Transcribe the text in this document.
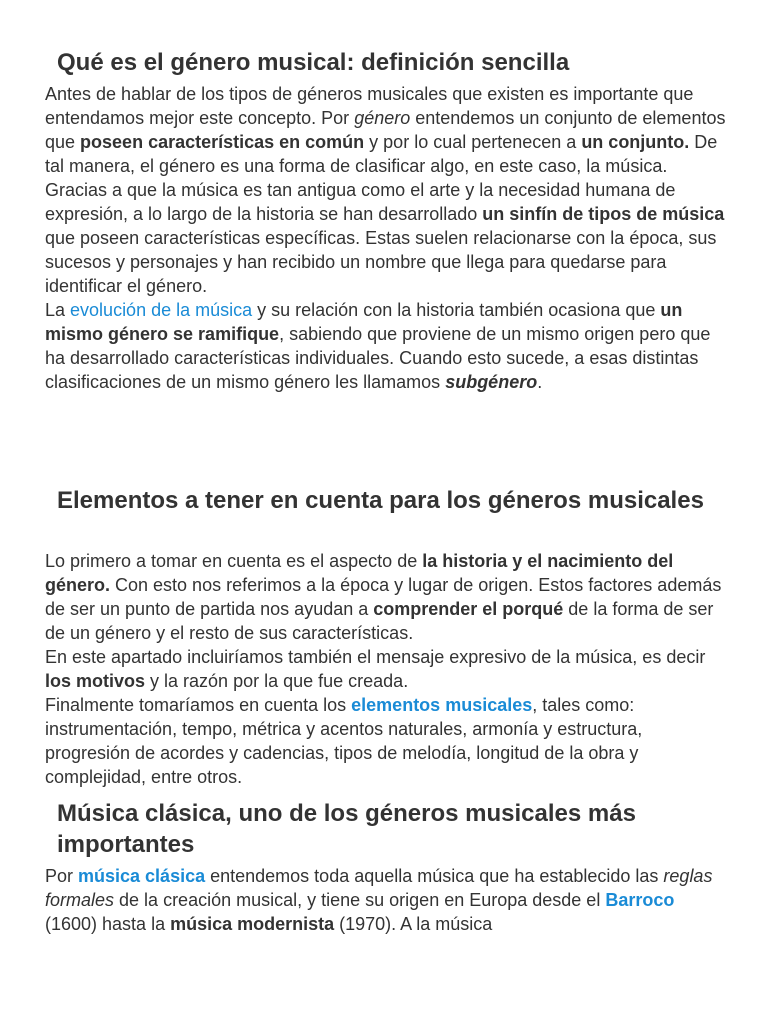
Qué es el género musical: definición sencilla

Antes de hablar de los tipos de géneros musicales que existen es importante que entendamos mejor este concepto. Por género entendemos un conjunto de elementos que poseen características en común y por lo cual pertenecen a un conjunto. De tal manera, el género es una forma de clasificar algo, en este caso, la música.

Gracias a que la música es tan antigua como el arte y la necesidad humana de expresión, a lo largo de la historia se han desarrollado un sinfín de tipos de música que poseen características específicas. Estas suelen relacionarse con la época, sus sucesos y personajes y han recibido un nombre que llega para quedarse para identificar el género.

La evolución de la música y su relación con la historia también ocasiona que un mismo género se ramifique, sabiendo que proviene de un mismo origen pero que ha desarrollado características individuales. Cuando esto sucede, a esas distintas clasificaciones de un mismo género les llamamos subgénero.

Elementos a tener en cuenta para los géneros musicales

Lo primero a tomar en cuenta es el aspecto de la historia y el nacimiento del género. Con esto nos referimos a la época y lugar de origen. Estos factores además de ser un punto de partida nos ayudan a comprender el porqué de la forma de ser de un género y el resto de sus características.

En este apartado incluiríamos también el mensaje expresivo de la música, es decir los motivos y la razón por la que fue creada.

Finalmente tomaríamos en cuenta los elementos musicales, tales como: instrumentación, tempo, métrica y acentos naturales, armonía y estructura, progresión de acordes y cadencias, tipos de melodía, longitud de la obra y complejidad, entre otros.

Música clásica, uno de los géneros musicales más importantes

Por música clásica entendemos toda aquella música que ha establecido las reglas formales de la creación musical, y tiene su origen en Europa desde el Barroco (1600) hasta la música modernista (1970). A la música
